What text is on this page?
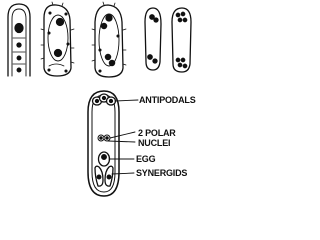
ANTIPODALS
2 POLAR
NUCLEI
EGG
SYNERGIDS
